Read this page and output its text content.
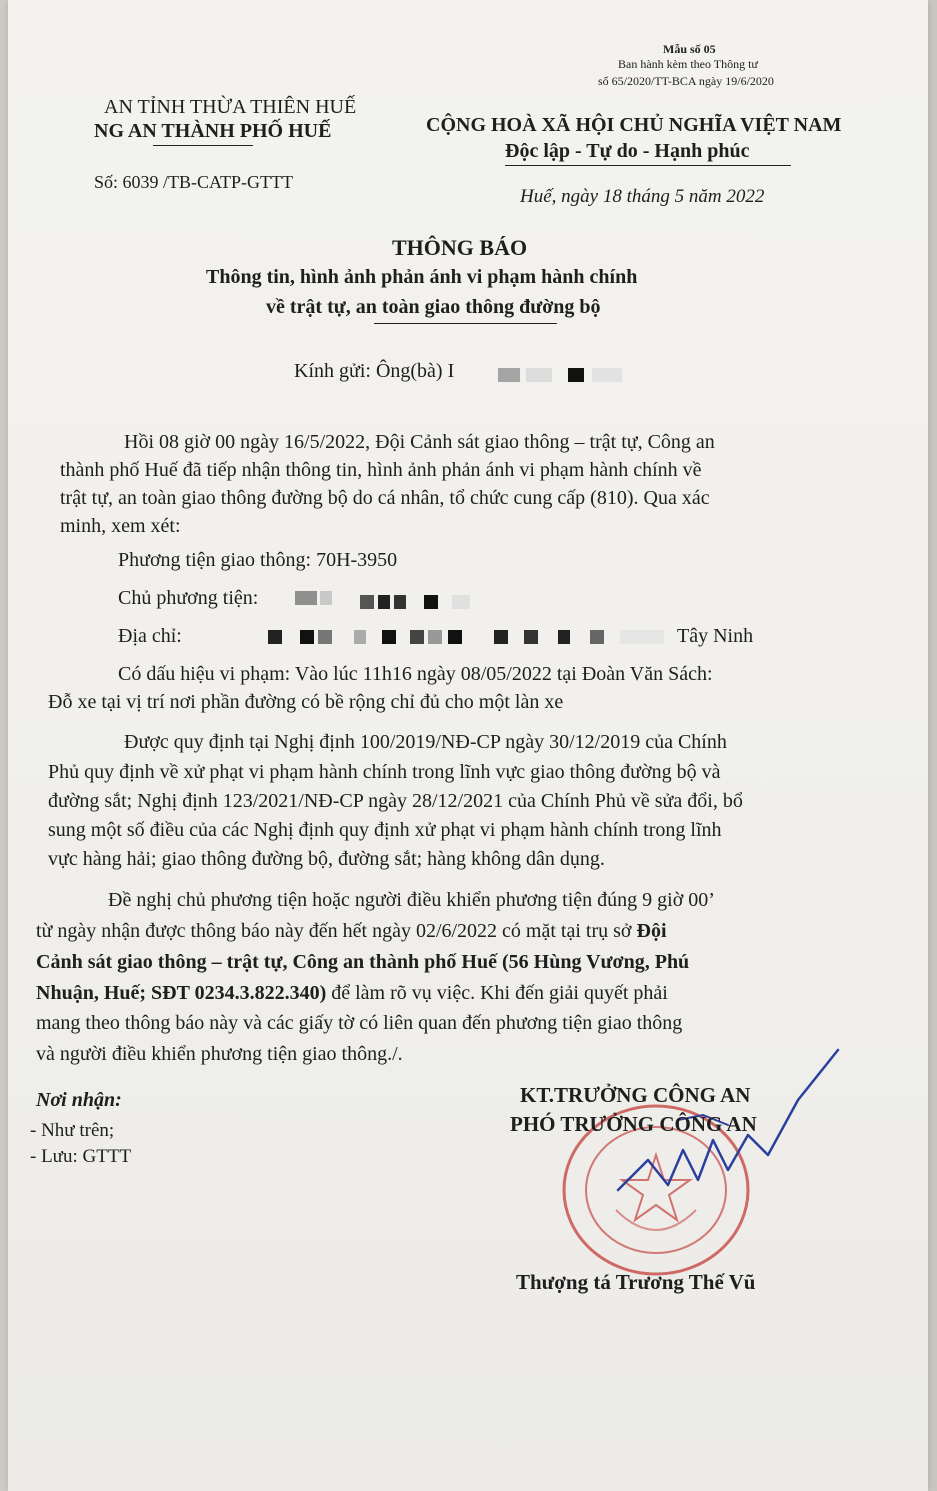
Mẫu số 05
Ban hành kèm theo Thông tư
số 65/2020/TT-BCA ngày 19/6/2020
AN TỈNH THỪA THIÊN HUẾ
NG AN THÀNH PHỐ HUẾ
Số: 6039 /TB-CATP-GTTT
CỘNG HOÀ XÃ HỘI CHỦ NGHĨA VIỆT NAM
Độc lập - Tự do - Hạnh phúc
Huế, ngày 18 tháng 5 năm 2022
THÔNG BÁO
Thông tin, hình ảnh phản ánh vi phạm hành chính
về trật tự, an toàn giao thông đường bộ
Kính gửi: Ông(bà) I
Hồi 08 giờ 00 ngày 16/5/2022, Đội Cảnh sát giao thông – trật tự, Công an
thành phố Huế đã tiếp nhận thông tin, hình ảnh phản ánh vi phạm hành chính về
trật tự, an toàn giao thông đường bộ do cá nhân, tổ chức cung cấp (810). Qua xác
minh, xem xét:
Phương tiện giao thông: 70H-3950
Chủ phương tiện:
Địa chỉ:	Tây Ninh
Có dấu hiệu vi phạm: Vào lúc 11h16 ngày 08/05/2022 tại Đoàn Văn Sách:
Đỗ xe tại vị trí nơi phần đường có bề rộng chỉ đủ cho một làn xe
Được quy định tại Nghị định 100/2019/NĐ-CP ngày 30/12/2019 của Chính
Phủ quy định về xử phạt vi phạm hành chính trong lĩnh vực giao thông đường bộ và
đường sắt; Nghị định 123/2021/NĐ-CP ngày 28/12/2021 của Chính Phủ về sửa đổi, bổ
sung một số điều của các Nghị định quy định xử phạt vi phạm hành chính trong lĩnh
vực hàng hải; giao thông đường bộ, đường sắt; hàng không dân dụng.
Đề nghị chủ phương tiện hoặc người điều khiển phương tiện đúng 9 giờ 00’
từ ngày nhận được thông báo này đến hết ngày 02/6/2022 có mặt tại trụ sở Đội
Cảnh sát giao thông – trật tự, Công an thành phố Huế (56 Hùng Vương, Phú
Nhuận, Huế; SĐT 0234.3.822.340) để làm rõ vụ việc. Khi đến giải quyết phải
mang theo thông báo này và các giấy tờ có liên quan đến phương tiện giao thông
và người điều khiển phương tiện giao thông./.
Nơi nhận:
- Như trên;
- Lưu: GTTT
KT.TRƯỞNG CÔNG AN
PHÓ TRƯỞNG CÔNG AN
Thượng tá Trương Thế Vũ
